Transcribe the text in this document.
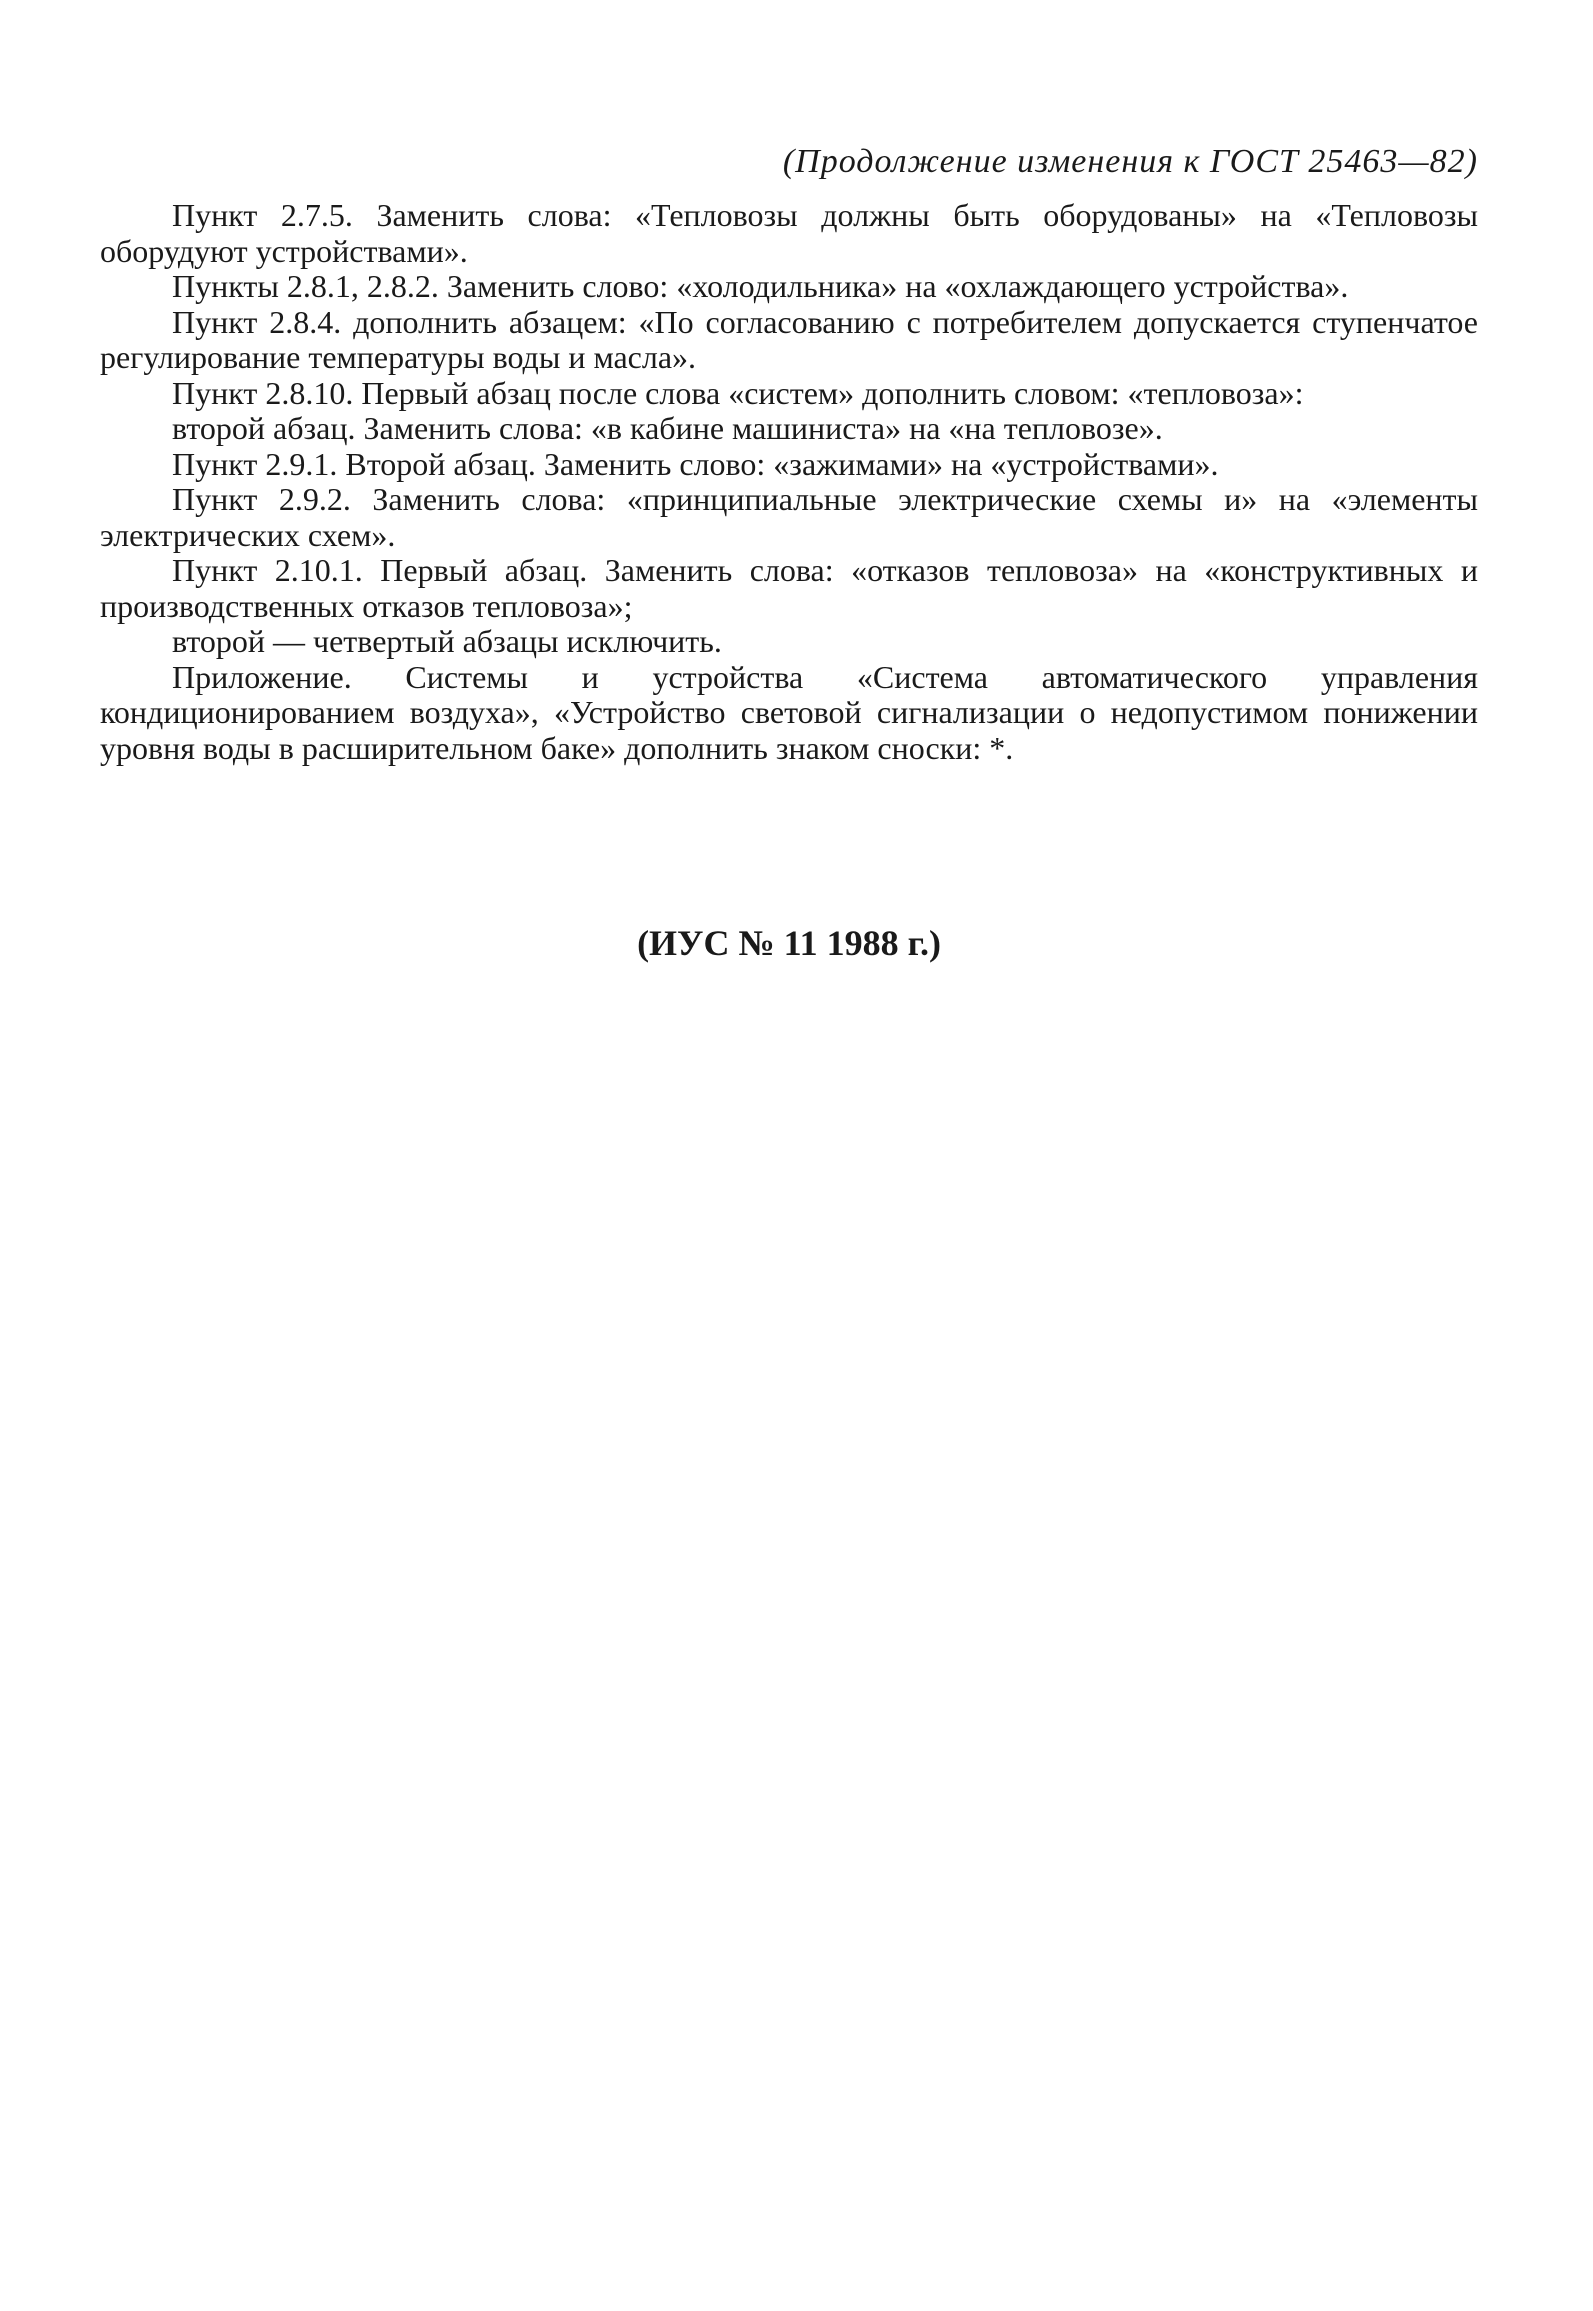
(Продолжение изменения к ГОСТ 25463—82)

Пункт 2.7.5. Заменить слова: «Тепловозы должны быть оборудованы» на «Тепловозы оборудуют устройствами».

Пункты 2.8.1, 2.8.2. Заменить слово: «холодильника» на «охлаждающего устройства».

Пункт 2.8.4. дополнить абзацем: «По согласованию с потребителем допускается ступенчатое регулирование температуры воды и масла».

Пункт 2.8.10. Первый абзац после слова «систем» дополнить словом: «тепловоза»:

второй абзац. Заменить слова: «в кабине машиниста» на «на тепловозе».

Пункт 2.9.1. Второй абзац. Заменить слово: «зажимами» на «устройствами».

Пункт 2.9.2. Заменить слова: «принципиальные электрические схемы и» на «элементы электрических схем».

Пункт 2.10.1. Первый абзац. Заменить слова: «отказов тепловоза» на «конструктивных и производственных отказов тепловоза»;

второй — четвертый абзацы исключить.

Приложение. Системы и устройства «Система автоматического управления кондиционированием воздуха», «Устройство световой сигнализации о недопустимом понижении уровня воды в расширительном баке» дополнить знаком сноски: *.

(ИУС № 11 1988 г.)
